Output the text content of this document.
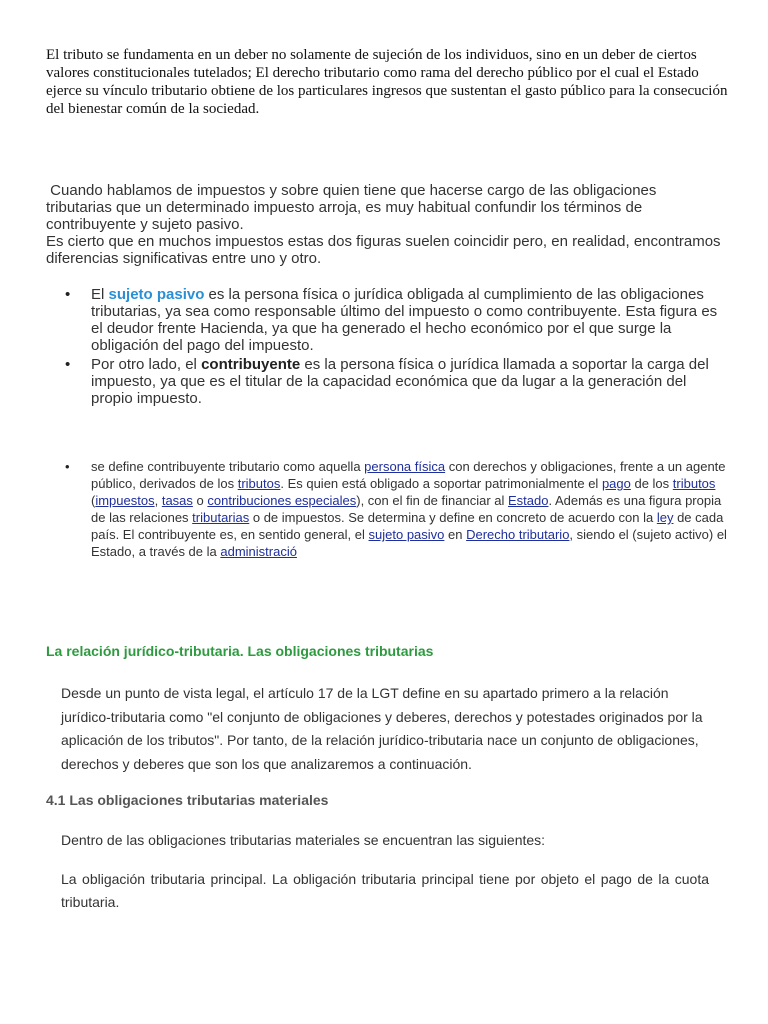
El tributo se fundamenta en un deber no solamente de sujeción de los individuos, sino en un deber de ciertos valores constitucionales tutelados; El derecho tributario como rama del derecho público por el cual el Estado ejerce su vínculo tributario obtiene de los particulares ingresos que sustentan el gasto público para la consecución del bienestar común de la sociedad.

Cuando hablamos de impuestos y sobre quien tiene que hacerse cargo de las obligaciones tributarias que un determinado impuesto arroja, es muy habitual confundir los términos de contribuyente y sujeto pasivo.
Es cierto que en muchos impuestos estas dos figuras suelen coincidir pero, en realidad, encontramos diferencias significativas entre uno y otro.
• El sujeto pasivo es la persona física o jurídica obligada al cumplimiento de las obligaciones tributarias, ya sea como responsable último del impuesto o como contribuyente. Esta figura es el deudor frente Hacienda, ya que ha generado el hecho económico por el que surge la obligación del pago del impuesto.
• Por otro lado, el contribuyente es la persona física o jurídica llamada a soportar la carga del impuesto, ya que es el titular de la capacidad económica que da lugar a la generación del propio impuesto.
• se define contribuyente tributario como aquella persona física con derechos y obligaciones, frente a un agente público, derivados de los tributos. Es quien está obligado a soportar patrimonialmente el pago de los tributos (impuestos, tasas o contribuciones especiales), con el fin de financiar al Estado. Además es una figura propia de las relaciones tributarias o de impuestos. Se determina y define en concreto de acuerdo con la ley de cada país. El contribuyente es, en sentido general, el sujeto pasivo en Derecho tributario, siendo el (sujeto activo) el Estado, a través de la administració
La relación jurídico-tributaria. Las obligaciones tributarias

Desde un punto de vista legal, el artículo 17 de la LGT define en su apartado primero a la relación jurídico-tributaria como "el conjunto de obligaciones y deberes, derechos y potestades originados por la aplicación de los tributos". Por tanto, de la relación jurídico-tributaria nace un conjunto de obligaciones, derechos y deberes que son los que analizaremos a continuación.

4.1 Las obligaciones tributarias materiales

Dentro de las obligaciones tributarias materiales se encuentran las siguientes:

La obligación tributaria principal. La obligación tributaria principal tiene por objeto el pago de la cuota tributaria.
